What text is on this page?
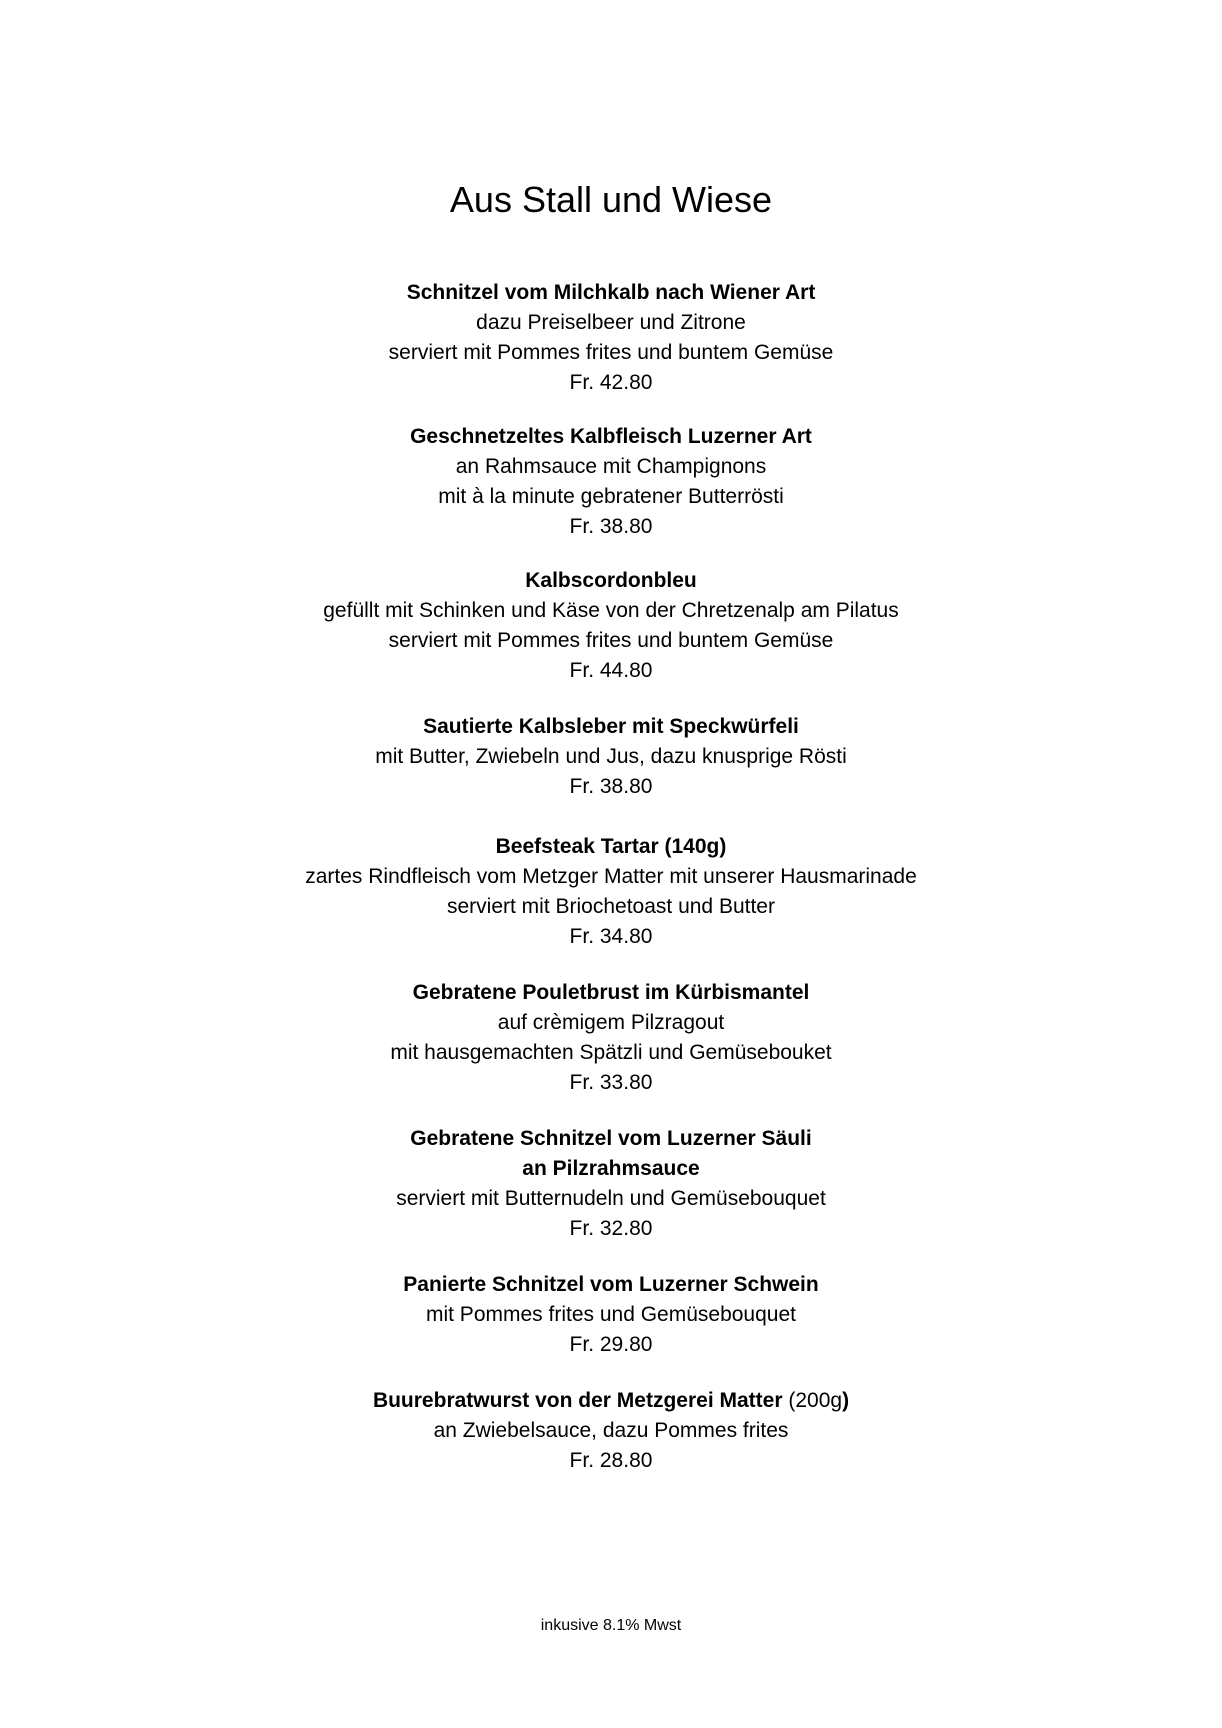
Aus Stall und Wiese
Schnitzel vom Milchkalb nach Wiener Art
dazu Preiselbeer und Zitrone
serviert mit Pommes frites und buntem Gemüse
Fr. 42.80
Geschnetzeltes Kalbfleisch Luzerner Art
an Rahmsauce mit Champignons
mit à la minute gebratener Butterrösti
Fr. 38.80
Kalbscordonbleu
gefüllt mit Schinken und Käse von der Chretzenalp am Pilatus
serviert mit Pommes frites und buntem Gemüse
Fr. 44.80
Sautierte Kalbsleber mit Speckwürfeli
mit Butter, Zwiebeln und Jus, dazu knusprige Rösti
Fr. 38.80
Beefsteak Tartar (140g)
zartes Rindfleisch vom Metzger Matter mit unserer Hausmarinade
serviert mit Briochetoast und Butter
Fr. 34.80
Gebratene Pouletbrust im Kürbismantel
auf crèmigem Pilzragout
mit hausgemachten Spätzli und Gemüsebouket
Fr. 33.80
Gebratene Schnitzel vom Luzerner Säuli
an Pilzrahmsauce
serviert mit Butternudeln und Gemüsebouquet
Fr. 32.80
Panierte Schnitzel vom Luzerner Schwein
mit Pommes frites und Gemüsebouquet
Fr. 29.80
Buurebratwurst von der Metzgerei Matter (200g)
an Zwiebelsauce, dazu Pommes frites
Fr. 28.80
inkusive 8.1% Mwst
